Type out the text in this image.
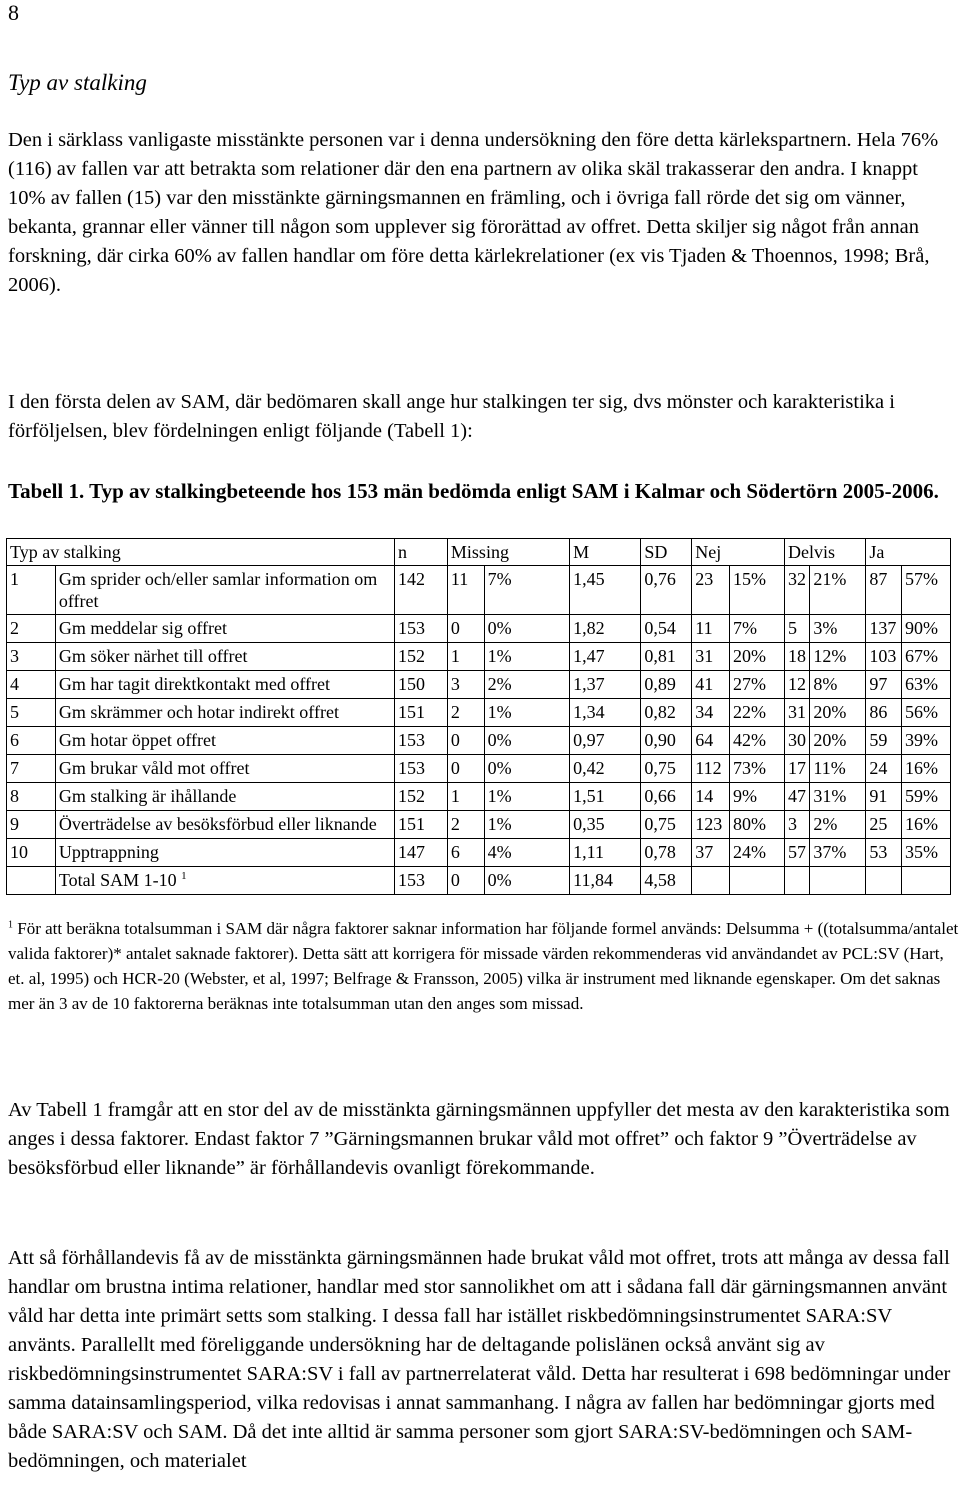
8
Typ av stalking

Den i särklass vanligaste misstänkte personen var i denna undersökning den före detta kärlekspartnern. Hela 76% (116) av fallen var att betrakta som relationer där den ena partnern av olika skäl trakasserar den andra. I knappt 10% av fallen (15) var den misstänkte gärningsmannen en främling, och i övriga fall rörde det sig om vänner, bekanta, grannar eller vänner till någon som upplever sig förorättad av offret. Detta skiljer sig något från annan forskning, där cirka 60% av fallen handlar om före detta kärlekrelationer (ex vis Tjaden & Thoennos, 1998; Brå, 2006).

I den första delen av SAM, där bedömaren skall ange hur stalkingen ter sig, dvs mönster och karakteristika i förföljelsen, blev fördelningen enligt följande (Tabell 1):

Tabell 1. Typ av stalkingbeteende hos 153 män bedömda enligt SAM i Kalmar och Södertörn 2005-2006.

Typ av stalking		n	Missing		M	SD	Nej		Delvis		Ja	
1	Gm sprider och/eller samlar information om offret	142	11	7%	1,45	0,76	23	15%	32	21%	87	57%
2	Gm meddelar sig offret	153	0	0%	1,82	0,54	11	7%	5	3%	137	90%
3	Gm söker närhet till offret	152	1	1%	1,47	0,81	31	20%	18	12%	103	67%
4	Gm har tagit direktkontakt med offret	150	3	2%	1,37	0,89	41	27%	12	8%	97	63%
5	Gm skrämmer och hotar indirekt offret	151	2	1%	1,34	0,82	34	22%	31	20%	86	56%
6	Gm hotar öppet offret	153	0	0%	0,97	0,90	64	42%	30	20%	59	39%
7	Gm brukar våld mot offret	153	0	0%	0,42	0,75	112	73%	17	11%	24	16%
8	Gm stalking är ihållande	152	1	1%	1,51	0,66	14	9%	47	31%	91	59%
9	Överträdelse av besöksförbud eller liknande	151	2	1%	0,35	0,75	123	80%	3	2%	25	16%
10	Upptrappning	147	6	4%	1,11	0,78	37	24%	57	37%	53	35%
	Total SAM 1-10 $^1$	153	0	0%	11,84	4,58						

$^1$ För att beräkna totalsumman i SAM där några faktorer saknar information har följande formel används: Delsumma + ((totalsumma/antalet valida faktorer)* antalet saknade faktorer). Detta sätt att korrigera för missade värden rekommenderas vid användandet av PCL:SV (Hart, et. al, 1995) och HCR-20 (Webster, et al, 1997; Belfrage & Fransson, 2005) vilka är instrument med liknande egenskaper. Om det saknas mer än 3 av de 10 faktorerna beräknas inte totalsumman utan den anges som missad.

Av Tabell 1 framgår att en stor del av de misstänkta gärningsmännen uppfyller det mesta av den karakteristika som anges i dessa faktorer. Endast faktor 7 ”Gärningsmannen brukar våld mot offret” och faktor 9 ”Överträdelse av besöksförbud eller liknande” är förhållandevis ovanligt förekommande.

Att så förhållandevis få av de misstänkta gärningsmännen hade brukat våld mot offret, trots att många av dessa fall handlar om brustna intima relationer, handlar med stor sannolikhet om att i sådana fall där gärningsmannen använt våld har detta inte primärt setts som stalking. I dessa fall har istället riskbedömningsinstrumentet SARA:SV använts. Parallellt med föreliggande undersökning har de deltagande polislänen också använt sig av riskbedömningsinstrumentet SARA:SV i fall av partnerrelaterat våld. Detta har resulterat i 698 bedömningar under samma datainsamlingsperiod, vilka redovisas i annat sammanhang. I några av fallen har bedömningar gjorts med både SARA:SV och SAM. Då det inte alltid är samma personer som gjort SARA:SV-bedömningen och SAM-bedömningen, och materialet
